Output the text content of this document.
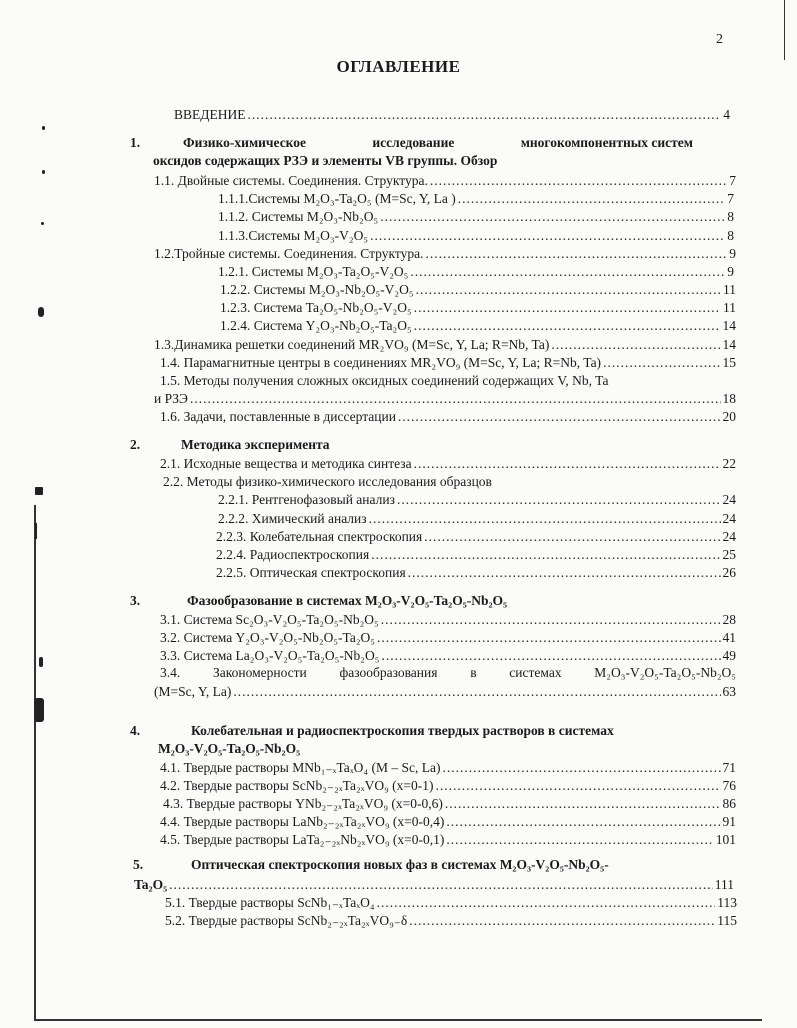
2
ОГЛАВЛЕНИЕ
ВВЕДЕНИЕ .....	4
1.	Физико-химическое	исследование	многокомпонентных систем
оксидов содержащих РЗЭ и элементы VB группы. Обзор
1.1. Двойные системы. Соединения. Структура. .....	7
1.1.1.Системы M₂O₃-Ta₂O₅ (M=Sc, Y, La ) .....	7
1.1.2. Системы M₂O₃-Nb₂O₅ .....	8
1.1.3.Системы M₂O₃-V₂O₅ .....	8
1.2.Тройные системы. Соединения. Структура. .....	9
1.2.1. Системы M₂O₃-Ta₂O₅-V₂O₅ .....	9
1.2.2. Системы M₂O₃-Nb₂O₅-V₂O₅ .....	11
1.2.3. Система Ta₂O₅-Nb₂O₅-V₂O₅ .....	11
1.2.4. Система Y₂O₃-Nb₂O₅-Ta₂O₅ .....	14
1.3.Динамика решетки соединений MR₂VO₉ (M=Sc, Y, La; R=Nb, Ta) .....	14
1.4. Парамагнитные центры в соединениях MR₂VO₉ (M=Sc, Y, La; R=Nb, Ta) .....	15
1.5. Методы получения сложных оксидных соединений содержащих V, Nb, Ta
и РЗЭ .....	18
1.6. Задачи, поставленные в диссертации .....	20
2.	Методика эксперимента
2.1. Исходные вещества и методика синтеза .....	22
2.2. Методы физико-химического исследования образцов
2.2.1. Рентгенофазовый анализ .....	24
2.2.2. Химический анализ .....	24
2.2.3. Колебательная спектроскопия .....	24
2.2.4. Радиоспектроскопия .....	25
2.2.5. Оптическая спектроскопия .....	26
3.	Фазообразование в системах M₂O₃-V₂O₅-Ta₂O₅-Nb₂O₅
3.1. Система Sc₂O₃-V₂O₅-Ta₂O₅-Nb₂O₅ .....	28
3.2. Система Y₂O₃-V₂O₅-Nb₂O₅-Ta₂O₅ .....	41
3.3. Система La₂O₃-V₂O₅-Ta₂O₅-Nb₂O₅ .....	49
3.4. Закономерности фазообразования в системах M₂O₃-V₂O₅-Ta₂O₅-Nb₂O₅
(M=Sc, Y, La) .....	63
4.	Колебательная и радиоспектроскопия твердых растворов в системах
M₂O₃-V₂O₅-Ta₂O₅-Nb₂O₅
4.1. Твердые растворы MNb₁₋ₓTaₓO₄ (M – Sc, La) .....	71
4.2. Твердые растворы ScNb₂₋₂ₓTa₂ₓVO₉ (x=0-1) .....	76
4.3. Твердые растворы YNb₂₋₂ₓTa₂ₓVO₉ (x=0-0,6) .....	86
4.4. Твердые растворы LaNb₂₋₂ₓTa₂ₓVO₉ (x=0-0,4) .....	91
4.5. Твердые растворы LaTa₂₋₂ₓNb₂ₓVO₉ (x=0-0,1) .....	101
5.	Оптическая спектроскопия новых фаз в системах M₂O₃-V₂O₅-Nb₂O₅-
Ta₂O₅ .....	111
5.1. Твердые растворы ScNb₁₋ₓTaₓO₄ .....	113
5.2. Твердые растворы ScNb₂₋₂ₓTa₂ₓVO₉₋δ .....	115
